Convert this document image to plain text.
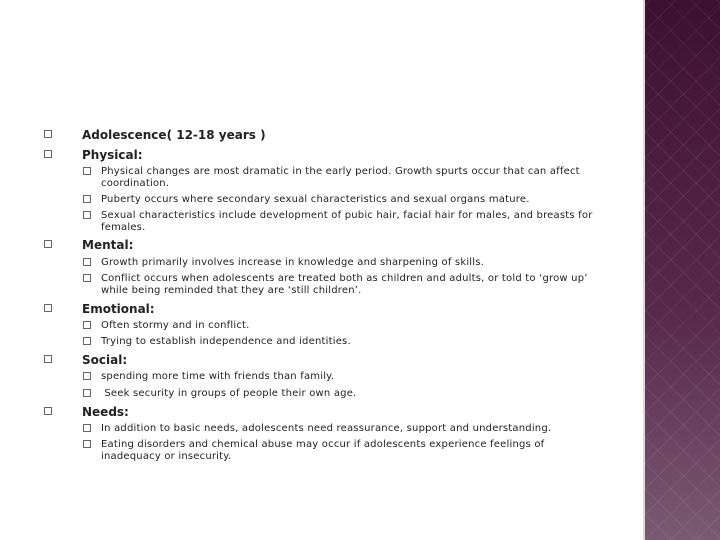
Adolescence( 12-18 years )
Physical:
Physical changes are most dramatic in the early period. Growth spurts occur that can affect coordination.
Puberty occurs where secondary sexual characteristics and sexual organs mature.
Sexual characteristics include development of pubic hair, facial hair for males, and breasts for females.
Mental:
Growth primarily involves increase in knowledge and sharpening of skills.
Conflict occurs when adolescents are treated both as children and adults, or told to ‘grow up’ while being reminded that they are ‘still children’.
Emotional:
Often stormy and in conflict.
Trying to establish independence and identities.
Social:
spending more time with friends than family.
Seek security in groups of people their own age.
Needs:
In addition to basic needs, adolescents need reassurance, support and understanding.
Eating disorders and chemical abuse may occur if adolescents experience feelings of inadequacy or insecurity.
